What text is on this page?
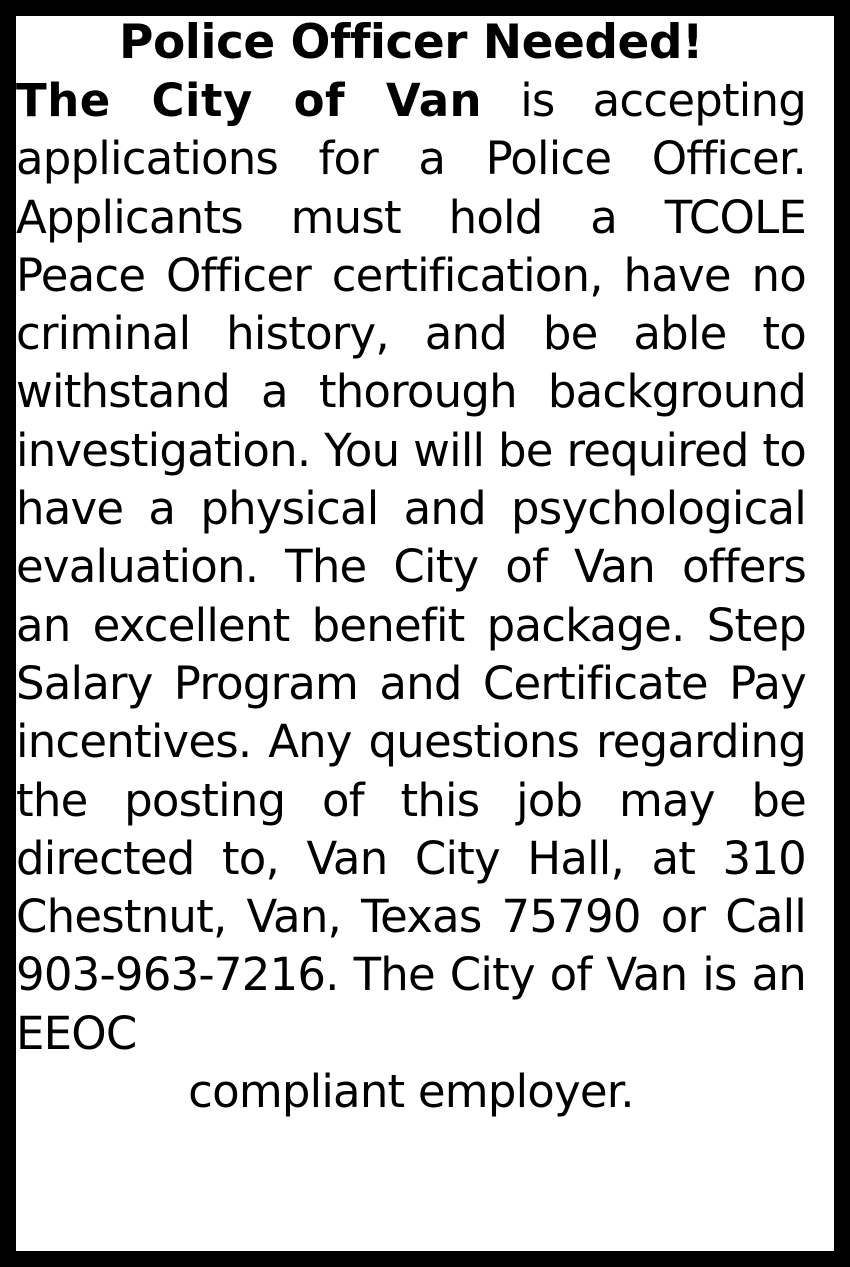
Police Officer Needed!

The City of Van is accepting applications for a Police Officer. Applicants must hold a TCOLE Peace Officer certification, have no criminal history, and be able to withstand a thorough background investigation. You will be required to have a physical and psychological evaluation. The City of Van offers an excellent benefit package. Step Salary Program and Certificate Pay incentives. Any questions regarding the posting of this job may be directed to, Van City Hall, at 310 Chestnut, Van, Texas 75790 or Call 903-963-7216. The City of Van is an EEOC

compliant employer.
